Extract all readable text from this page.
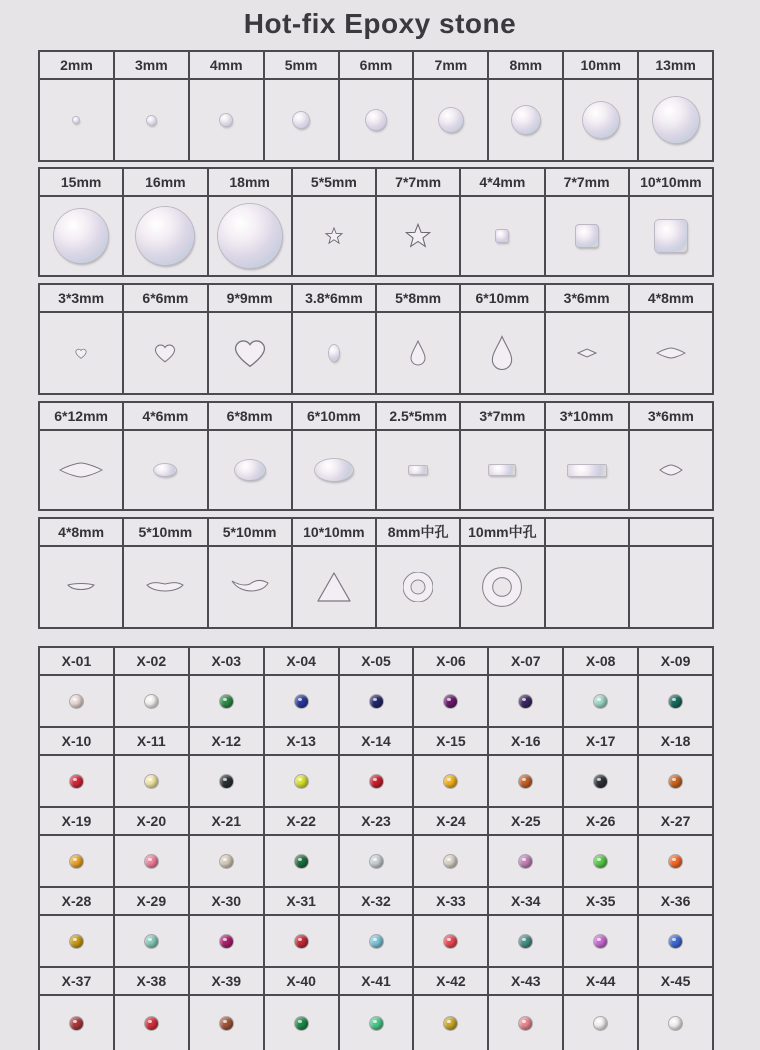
Hot-fix Epoxy stone
2mm	3mm	4mm	5mm	6mm	7mm	8mm	10mm	13mm
15mm	16mm	18mm	5*5mm	7*7mm	4*4mm	7*7mm	10*10mm
3*3mm	6*6mm	9*9mm	3.8*6mm	5*8mm	6*10mm	3*6mm	4*8mm
6*12mm	4*6mm	6*8mm	6*10mm	2.5*5mm	3*7mm	3*10mm	3*6mm
4*8mm	5*10mm	5*10mm	10*10mm	8mm中孔	10mm中孔
X-01	X-02	X-03	X-04	X-05	X-06	X-07	X-08	X-09
X-10	X-11	X-12	X-13	X-14	X-15	X-16	X-17	X-18
X-19	X-20	X-21	X-22	X-23	X-24	X-25	X-26	X-27
X-28	X-29	X-30	X-31	X-32	X-33	X-34	X-35	X-36
X-37	X-38	X-39	X-40	X-41	X-42	X-43	X-44	X-45
